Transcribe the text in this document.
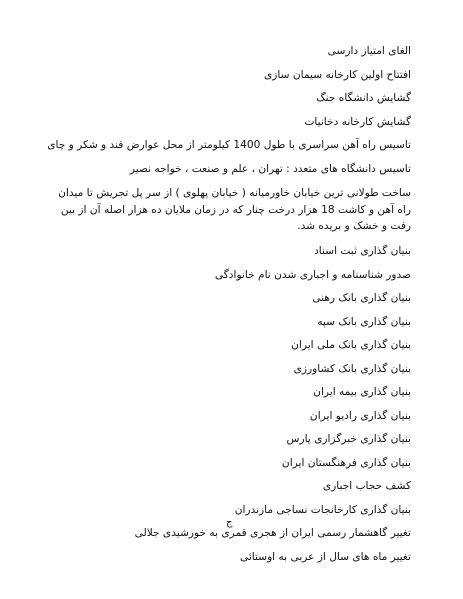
الغای امتیاز دارسی
افتتاح اولین کارخانه سیمان سازی
گشایش دانشگاه جنگ
گشایش کارخانه دخانیات
تاسیس راه آهن سراسری با طول 1400 کیلومتر از محل عوارض قند و شکر و چای
تاسیس دانشگاه های متعدد : تهران ، علم و صنعت ، خواجه نصیر
ساخت طولانی ترین خیابان خاورمیانه ( خیابان پهلوی ) از سر پل تجریش تا میدان راه آهن و کاشت 18 هزار درخت چنار که در زمان ملایان ده هزار اصله آن از بین رفت و خشک و بریده شد.
بنیان گذاری ثبت اسناد
صدور شناسنامه و اجباری شدن نام خانوادگی
بنیان گذاری بانک رهنی
بنیان گذاری بانک سپه
بنیان گذاری بانک ملی ایران
بنیان گذاری بانک کشاورزی
بنیان گذاری بیمه ایران
بنیان گذاری رادیو ایران
بنیان گذاری خبرگزاری پارس
بنیان گذاری فرهنگستان ایران
کشف حجاب اجباری
بنیان گذاری کارخانجات نساجی مازندران
تغییر گاهشمار رسمی ایران از هجری قمری به خورشیدی جلالی
تغییر ماه های سال از عربی به اوستائی
ج
